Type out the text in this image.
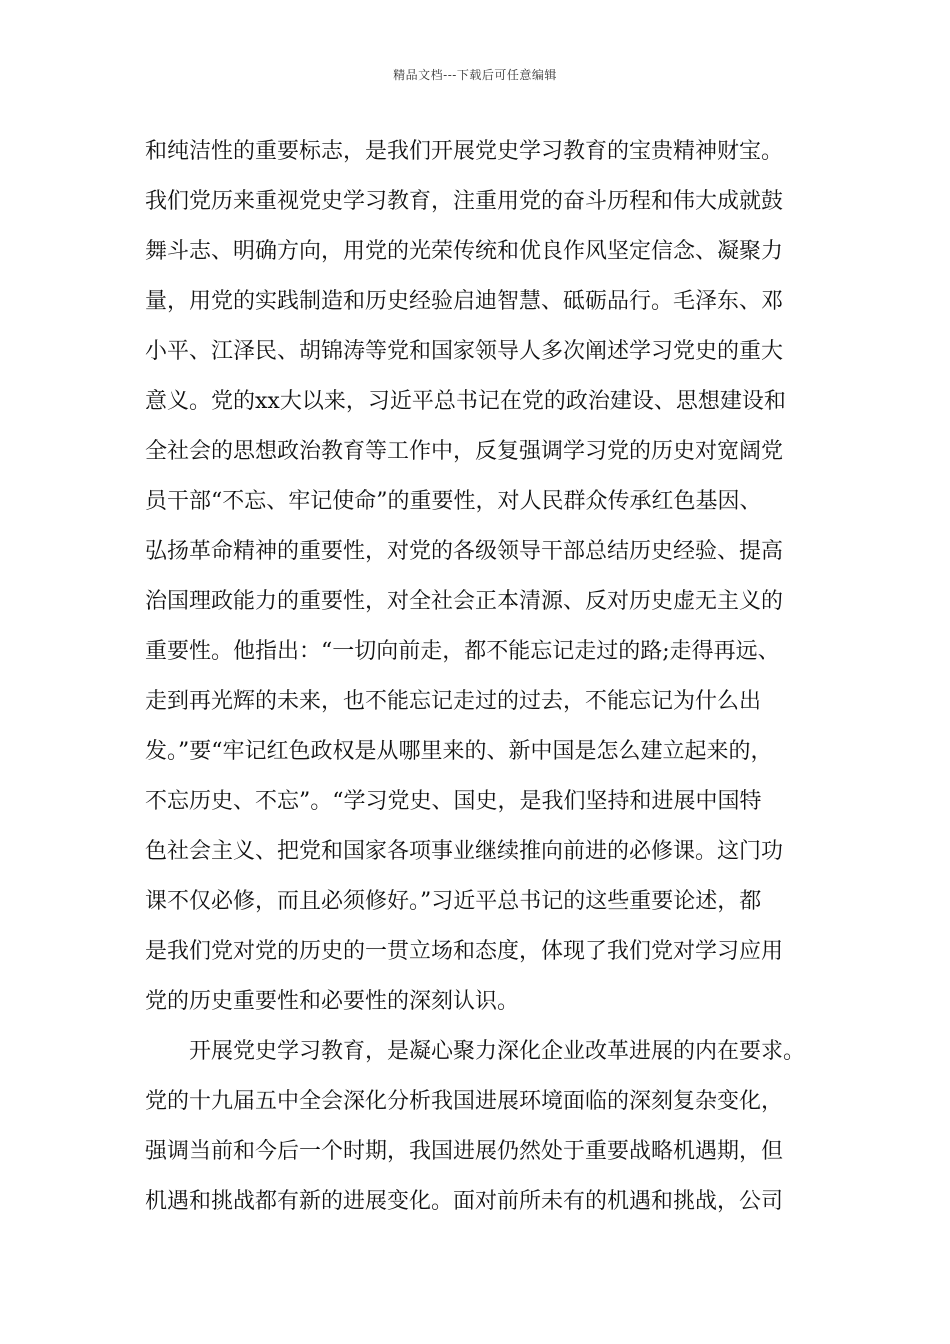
精品文档---下载后可任意编辑
和纯洁性的重要标志，是我们开展党史学习教育的宝贵精神财宝。
我们党历来重视党史学习教育，注重用党的奋斗历程和伟大成就鼓
舞斗志、明确方向，用党的光荣传统和优良作风坚定信念、凝聚力
量，用党的实践制造和历史经验启迪智慧、砥砺品行。毛泽东、邓
小平、江泽民、胡锦涛等党和国家领导人多次阐述学习党史的重大
意义。党的xx大以来，习近平总书记在党的政治建设、思想建设和
全社会的思想政治教育等工作中，反复强调学习党的历史对宽阔党
员干部“不忘、牢记使命”的重要性，对人民群众传承红色基因、
弘扬革命精神的重要性，对党的各级领导干部总结历史经验、提高
治国理政能力的重要性，对全社会正本清源、反对历史虚无主义的
重要性。他指出：“一切向前走，都不能忘记走过的路;走得再远、
走到再光辉的未来，也不能忘记走过的过去，不能忘记为什么出
发。”要“牢记红色政权是从哪里来的、新中国是怎么建立起来的，
不忘历史、不忘”。“学习党史、国史，是我们坚持和进展中国特
色社会主义、把党和国家各项事业继续推向前进的必修课。这门功
课不仅必修，而且必须修好。”习近平总书记的这些重要论述，都
是我们党对党的历史的一贯立场和态度，体现了我们党对学习应用
党的历史重要性和必要性的深刻认识。
开展党史学习教育，是凝心聚力深化企业改革进展的内在要求。
党的十九届五中全会深化分析我国进展环境面临的深刻复杂变化，
强调当前和今后一个时期，我国进展仍然处于重要战略机遇期，但
机遇和挑战都有新的进展变化。面对前所未有的机遇和挑战，公司
